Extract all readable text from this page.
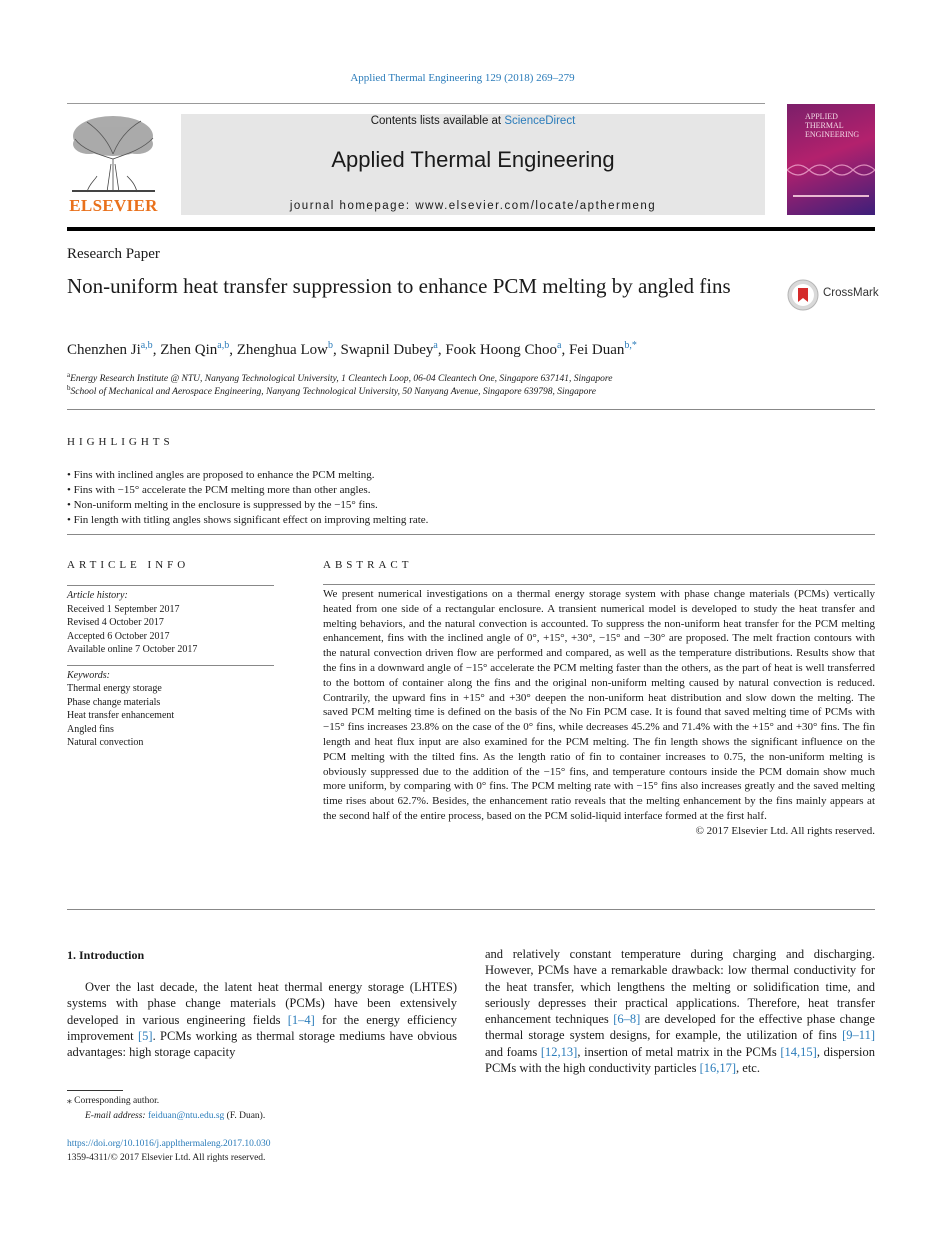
Applied Thermal Engineering 129 (2018) 269–279
ELSEVIER
Contents lists available at ScienceDirect
Applied Thermal Engineering
journal homepage: www.elsevier.com/locate/apthermeng
APPLIED
THERMAL
ENGINEERING
Research Paper
Non-uniform heat transfer suppression to enhance PCM melting by angled fins	CrossMark
Chenzhen Ji$^{a,b}$, Zhen Qin$^{a,b}$, Zhenghua Low$^b$, Swapnil Dubey$^a$, Fook Hoong Choo$^a$, Fei Duan$^{b,*}$
$^a$Energy Research Institute @ NTU, Nanyang Technological University, 1 Cleantech Loop, 06-04 Cleantech One, Singapore 637141, Singapore
$^b$School of Mechanical and Aerospace Engineering, Nanyang Technological University, 50 Nanyang Avenue, Singapore 639798, Singapore
HIGHLIGHTS
• Fins with inclined angles are proposed to enhance the PCM melting.
• Fins with −15° accelerate the PCM melting more than other angles.
• Non-uniform melting in the enclosure is suppressed by the −15° fins.
• Fin length with titling angles shows significant effect on improving melting rate.
ARTICLE INFO
Article history:
Received 1 September 2017
Revised 4 October 2017
Accepted 6 October 2017
Available online 7 October 2017
Keywords:
Thermal energy storage
Phase change materials
Heat transfer enhancement
Angled fins
Natural convection
ABSTRACT
We present numerical investigations on a thermal energy storage system with phase change materials (PCMs) vertically heated from one side of a rectangular enclosure. A transient numerical model is developed to study the heat transfer and melting behaviors, and the natural convection is accounted. To suppress the non-uniform heat transfer for the PCM melting enhancement, fins with the inclined angle of 0°, +15°, +30°, −15° and −30° are proposed. The melt fraction contours with the natural convection driven flow are performed and compared, as well as the temperature distributions. Results show that the fins in a downward angle of −15° accelerate the PCM melting faster than the others, as the part of heat is well transferred to the bottom of container along the fins and the original non-uniform melting caused by natural convection is reduced. Contrarily, the upward fins in +15° and +30° deepen the non-uniform heat distribution and slow down the melting. The saved PCM melting time is defined on the basis of the No Fin PCM case. It is found that saved melting time of PCMs with −15° fins increases 23.8% on the case of the 0° fins, while decreases 45.2% and 71.4% with the +15° and +30° fins. The fin length and heat flux input are also examined for the PCM melting. The fin length shows the significant influence on the PCM melting with the tilted fins. As the length ratio of fin to container increases to 0.75, the non-uniform melting is obviously suppressed due to the addition of the −15° fins, and temperature contours inside the PCM domain show much more uniform, by comparing with 0° fins. The PCM melting rate with −15° fins also increases greatly and the saved melting time rises about 62.7%. Besides, the enhancement ratio reveals that the melting enhancement by the fins mainly appears at the second half of the entire process, based on the PCM solid-liquid interface formed at the first half.
© 2017 Elsevier Ltd. All rights reserved.
1. Introduction
Over the last decade, the latent heat thermal energy storage (LHTES) systems with phase change materials (PCMs) have been extensively developed in various engineering fields [1–4] for the energy efficiency improvement [5]. PCMs working as thermal storage mediums have obvious advantages: high storage capacity
and relatively constant temperature during charging and discharging. However, PCMs have a remarkable drawback: low thermal conductivity for the heat transfer, which lengthens the melting or solidification time, and seriously depresses their practical applications. Therefore, heat transfer enhancement techniques [6–8] are developed for the effective phase change thermal storage system designs, for example, the utilization of fins [9–11] and foams [12,13], insertion of metal matrix in the PCMs [14,15], dispersion PCMs with the high conductivity particles [16,17], etc.
⁎ Corresponding author.
E-mail address: feiduan@ntu.edu.sg (F. Duan).
https://doi.org/10.1016/j.applthermaleng.2017.10.030
1359-4311/© 2017 Elsevier Ltd. All rights reserved.
